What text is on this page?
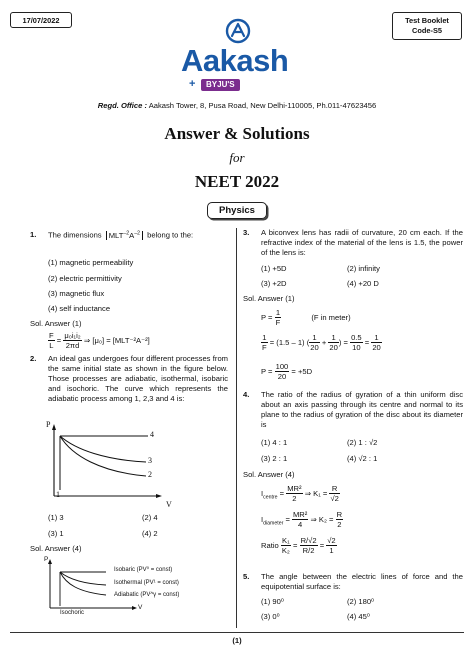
17/07/2022	Test Booklet
Code-S5
Aakash
+	BYJU'S
Regd. Office : Aakash Tower, 8, Pusa Road, New Delhi-110005, Ph.011-47623456
Answer & Solutions
for
NEET 2022
Physics
1. The dimensions $MLT^{-2}A^{-2}$ belong to the:
(1) magnetic permeability
(2) electric permittivity
(3) magnetic flux
(4) self inductance
Sol. Answer (1)
$\frac{F}{L} = \frac{\text{μ₀i₁i₂}}{2\pi d}$ ⇒ [μ₀] = [MLT⁻²A⁻²]
2. An ideal gas undergoes four different processes from the same initial state as shown in the figure below. Those processes are adiabatic, isothermal, isobaric and isochoric. The curve which represents the adiabatic process among 1, 2,3 and 4 is:
P
V
4
3
2
1
(1) 3	(2) 4
(3) 1	(4) 2
Sol. Answer (4)
P
V
Isobaric (PV⁰ = const)
Isothermal (PV¹ = const)
Adiabatic (PV^γ = const)
Isochoric
3. A biconvex lens has radii of curvature, 20 cm each. If the refractive index of the material of the lens is 1.5, the power of the lens is:
(1) +5D	(2) infinity
(3) +2D	(4) +20 D
Sol. Answer (1)
$P = \frac{1}{F}$	(F in meter)
$\frac{1}{F} = (1.5 - 1)$ ( $\frac{1}{20} + \frac{1}{20}$ ) = $\frac{0.5}{10} = \frac{1}{20}$
$P = \frac{100}{20} = +5D$
4. The ratio of the radius of gyration of a thin uniform disc about an axis passing through its centre and normal to its plane to the radius of gyration of the disc about its diameter is
(1) 4 : 1	(2) 1 : √2
(3) 2 : 1	(4) √2 : 1
Sol. Answer (4)
$I_{centre} = \frac{\text{MR²}}{2}$ ⇒ $K_1 = \frac{R}{√2}$
$I_{diameter} = \frac{\text{MR²}}{4}$ ⇒ $K_2 = \frac{R}{2}$
Ratio $\frac{\text{K₁}}{\text{K₂}} = \frac{R/√2}{R/2} = \frac{√2}{1}$
5. The angle between the electric lines of force and the equipotential surface is:
(1) 90⁰	(2) 180⁰
(3) 0⁰	(4) 45⁰
(1)
